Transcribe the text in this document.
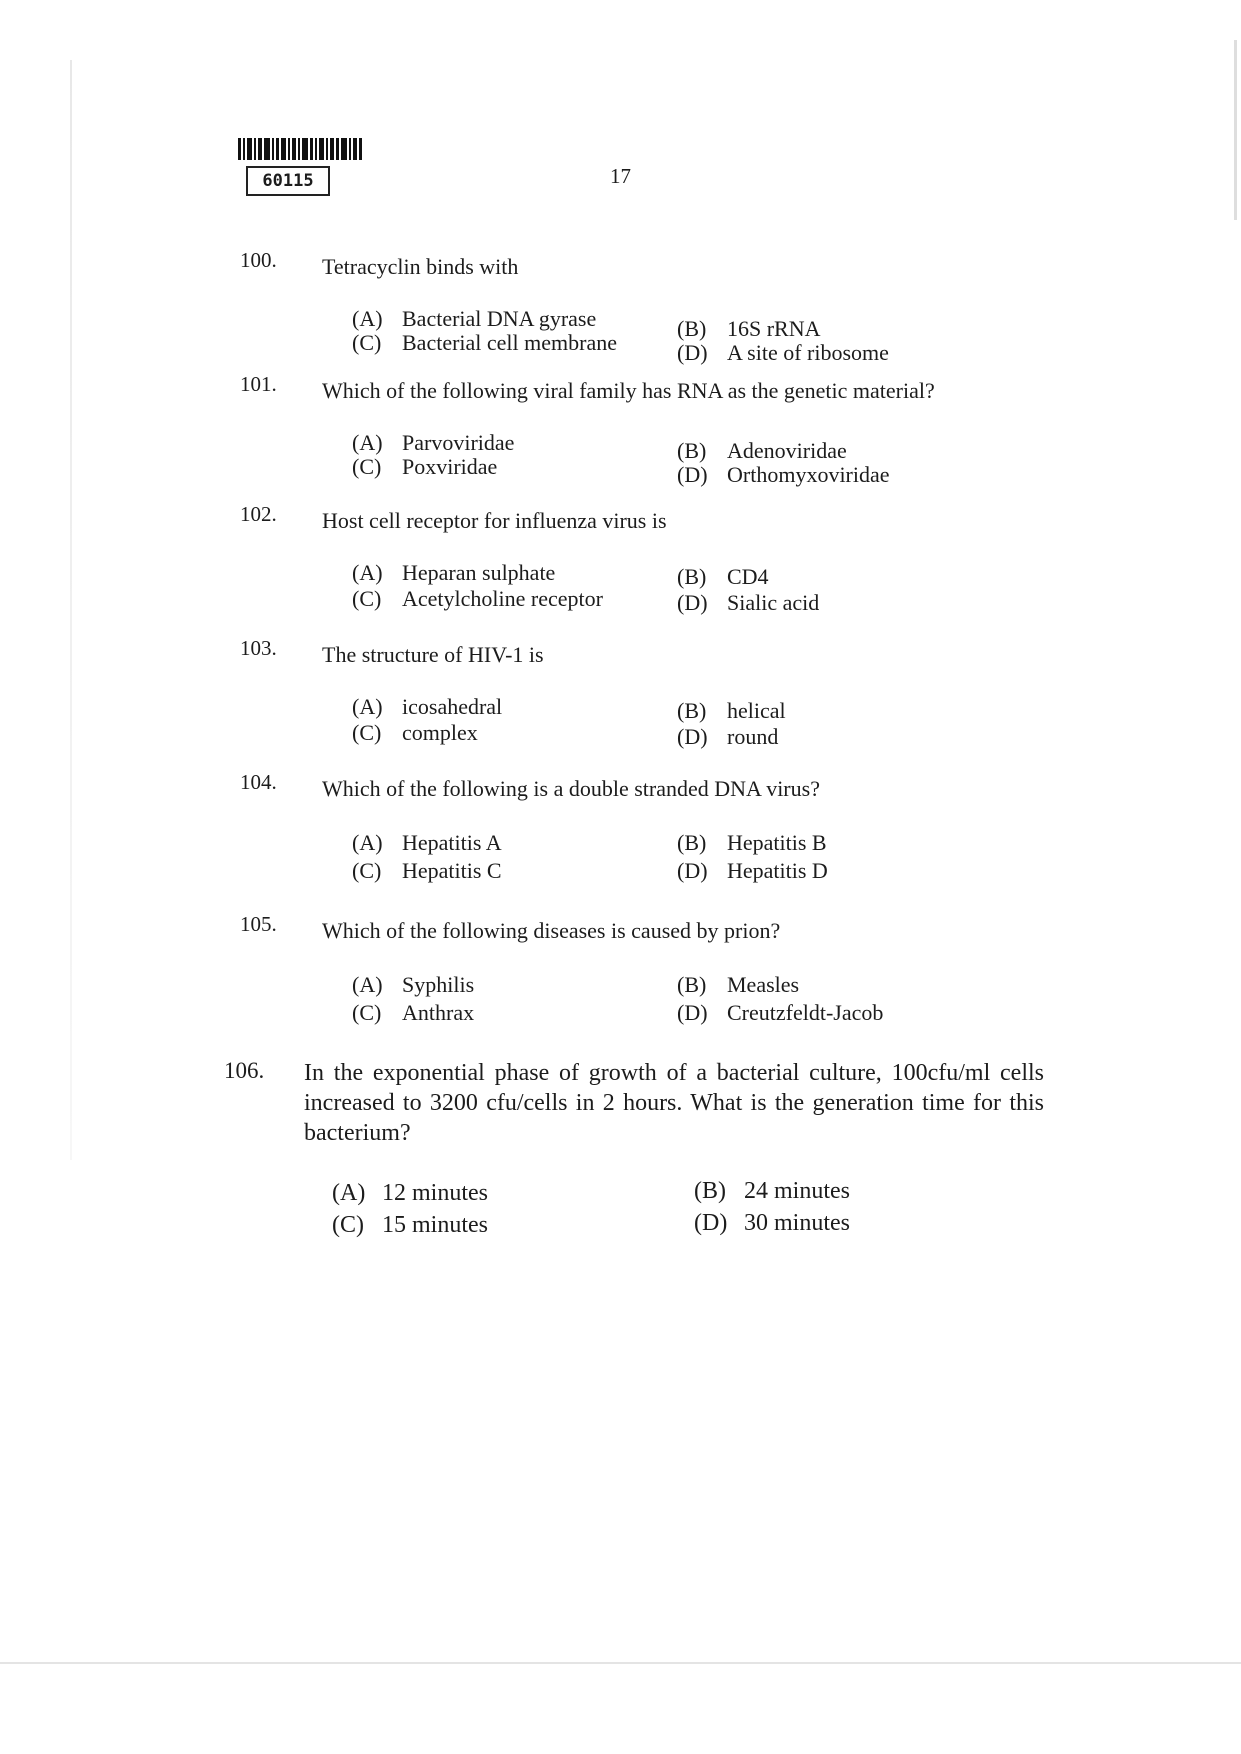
60115	17
100. Tetracyclin binds with
(A) Bacterial DNA gyrase	(B) 16S rRNA
(C) Bacterial cell membrane	(D) A site of ribosome
101. Which of the following viral family has RNA as the genetic material?
(A) Parvoviridae	(B) Adenoviridae
(C) Poxviridae	(D) Orthomyxoviridae
102. Host cell receptor for influenza virus is
(A) Heparan sulphate	(B) CD4
(C) Acetylcholine receptor	(D) Sialic acid
103. The structure of HIV-1 is
(A) icosahedral	(B) helical
(C) complex	(D) round
104. Which of the following is a double stranded DNA virus?
(A) Hepatitis A	(B) Hepatitis B
(C) Hepatitis C	(D) Hepatitis D
105. Which of the following diseases is caused by prion?
(A) Syphilis	(B) Measles
(C) Anthrax	(D) Creutzfeldt-Jacob
106. In the exponential phase of growth of a bacterial culture, 100cfu/ml cells increased to 3200 cfu/cells in 2 hours. What is the generation time for this bacterium?
(A) 12 minutes	(B) 24 minutes
(C) 15 minutes	(D) 30 minutes
